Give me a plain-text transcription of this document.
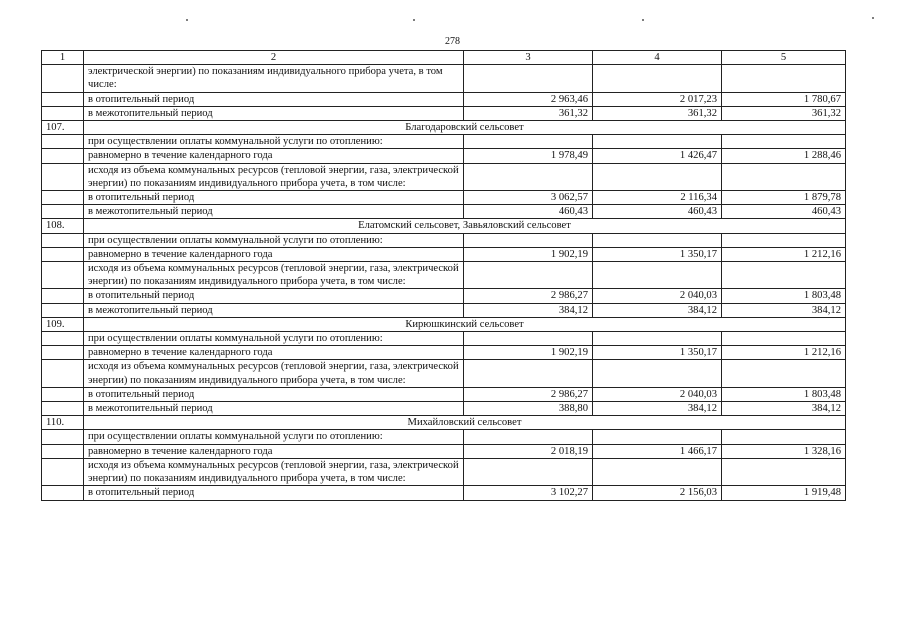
278
1	2	3	4	5
	электрической энергии) по показаниям индивидуального прибора учета, в том числе:			
	в отопительный период	2 963,46	2 017,23	1 780,67
	в межотопительный период	361,32	361,32	361,32
107.	Благодаровский сельсовет			
	при осуществлении оплаты коммунальной услуги по отоплению:			
	равномерно в течение календарного года	1 978,49	1 426,47	1 288,46
	исходя из объема коммунальных ресурсов (тепловой энергии, газа, электрической энергии) по показаниям индивидуального прибора учета, в том числе:			
	в отопительный период	3 062,57	2 116,34	1 879,78
	в межотопительный период	460,43	460,43	460,43
108.	Елатомский сельсовет, Завьяловский сельсовет			
	при осуществлении оплаты коммунальной услуги по отоплению:			
	равномерно в течение календарного года	1 902,19	1 350,17	1 212,16
	исходя из объема коммунальных ресурсов (тепловой энергии, газа, электрической энергии) по показаниям индивидуального прибора учета, в том числе:			
	в отопительный период	2 986,27	2 040,03	1 803,48
	в межотопительный период	384,12	384,12	384,12
109.	Кирюшкинский сельсовет			
	при осуществлении оплаты коммунальной услуги по отоплению:			
	равномерно в течение календарного года	1 902,19	1 350,17	1 212,16
	исходя из объема коммунальных ресурсов (тепловой энергии, газа, электрической энергии) по показаниям индивидуального прибора учета, в том числе:			
	в отопительный период	2 986,27	2 040,03	1 803,48
	в межотопительный период	388,80	384,12	384,12
110.	Михайловский сельсовет			
	при осуществлении оплаты коммунальной услуги по отоплению:			
	равномерно в течение календарного года	2 018,19	1 466,17	1 328,16
	исходя из объема коммунальных ресурсов (тепловой энергии, газа, электрической энергии) по показаниям индивидуального прибора учета, в том числе:			
	в отопительный период	3 102,27	2 156,03	1 919,48
